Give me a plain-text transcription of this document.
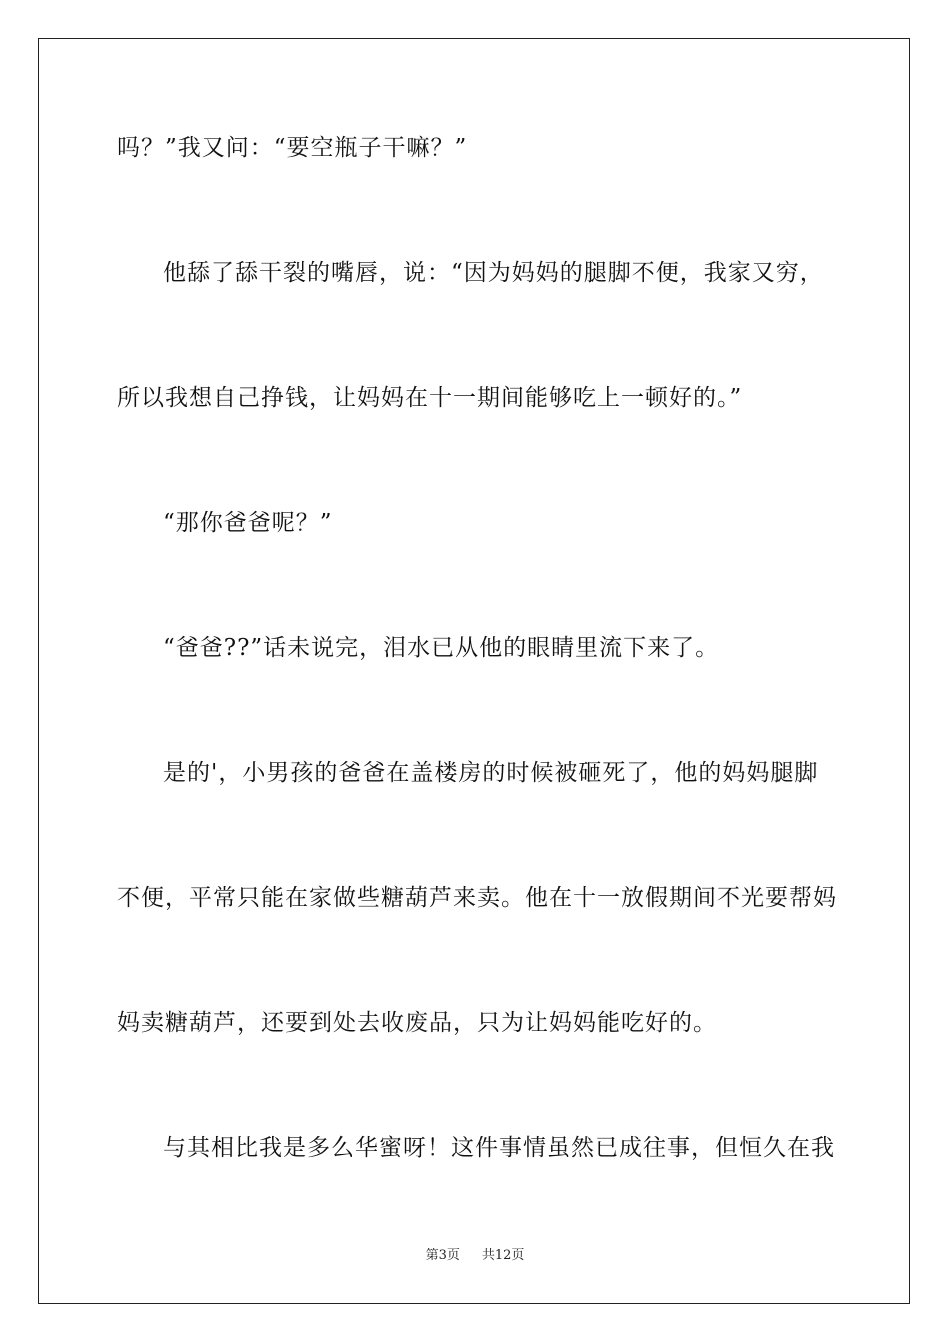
吗？”我又问：“要空瓶子干嘛？”
他舔了舔干裂的嘴唇，说：“因为妈妈的腿脚不便，我家又穷，
所以我想自己挣钱，让妈妈在十一期间能够吃上一顿好的。”
“那你爸爸呢？”
“爸爸??”话未说完，泪水已从他的眼睛里流下来了。
是的'，小男孩的爸爸在盖楼房的时候被砸死了，他的妈妈腿脚
不便，平常只能在家做些糖葫芦来卖。他在十一放假期间不光要帮妈
妈卖糖葫芦，还要到处去收废品，只为让妈妈能吃好的。
与其相比我是多么华蜜呀！这件事情虽然已成往事，但恒久在我
第3页 共12页
